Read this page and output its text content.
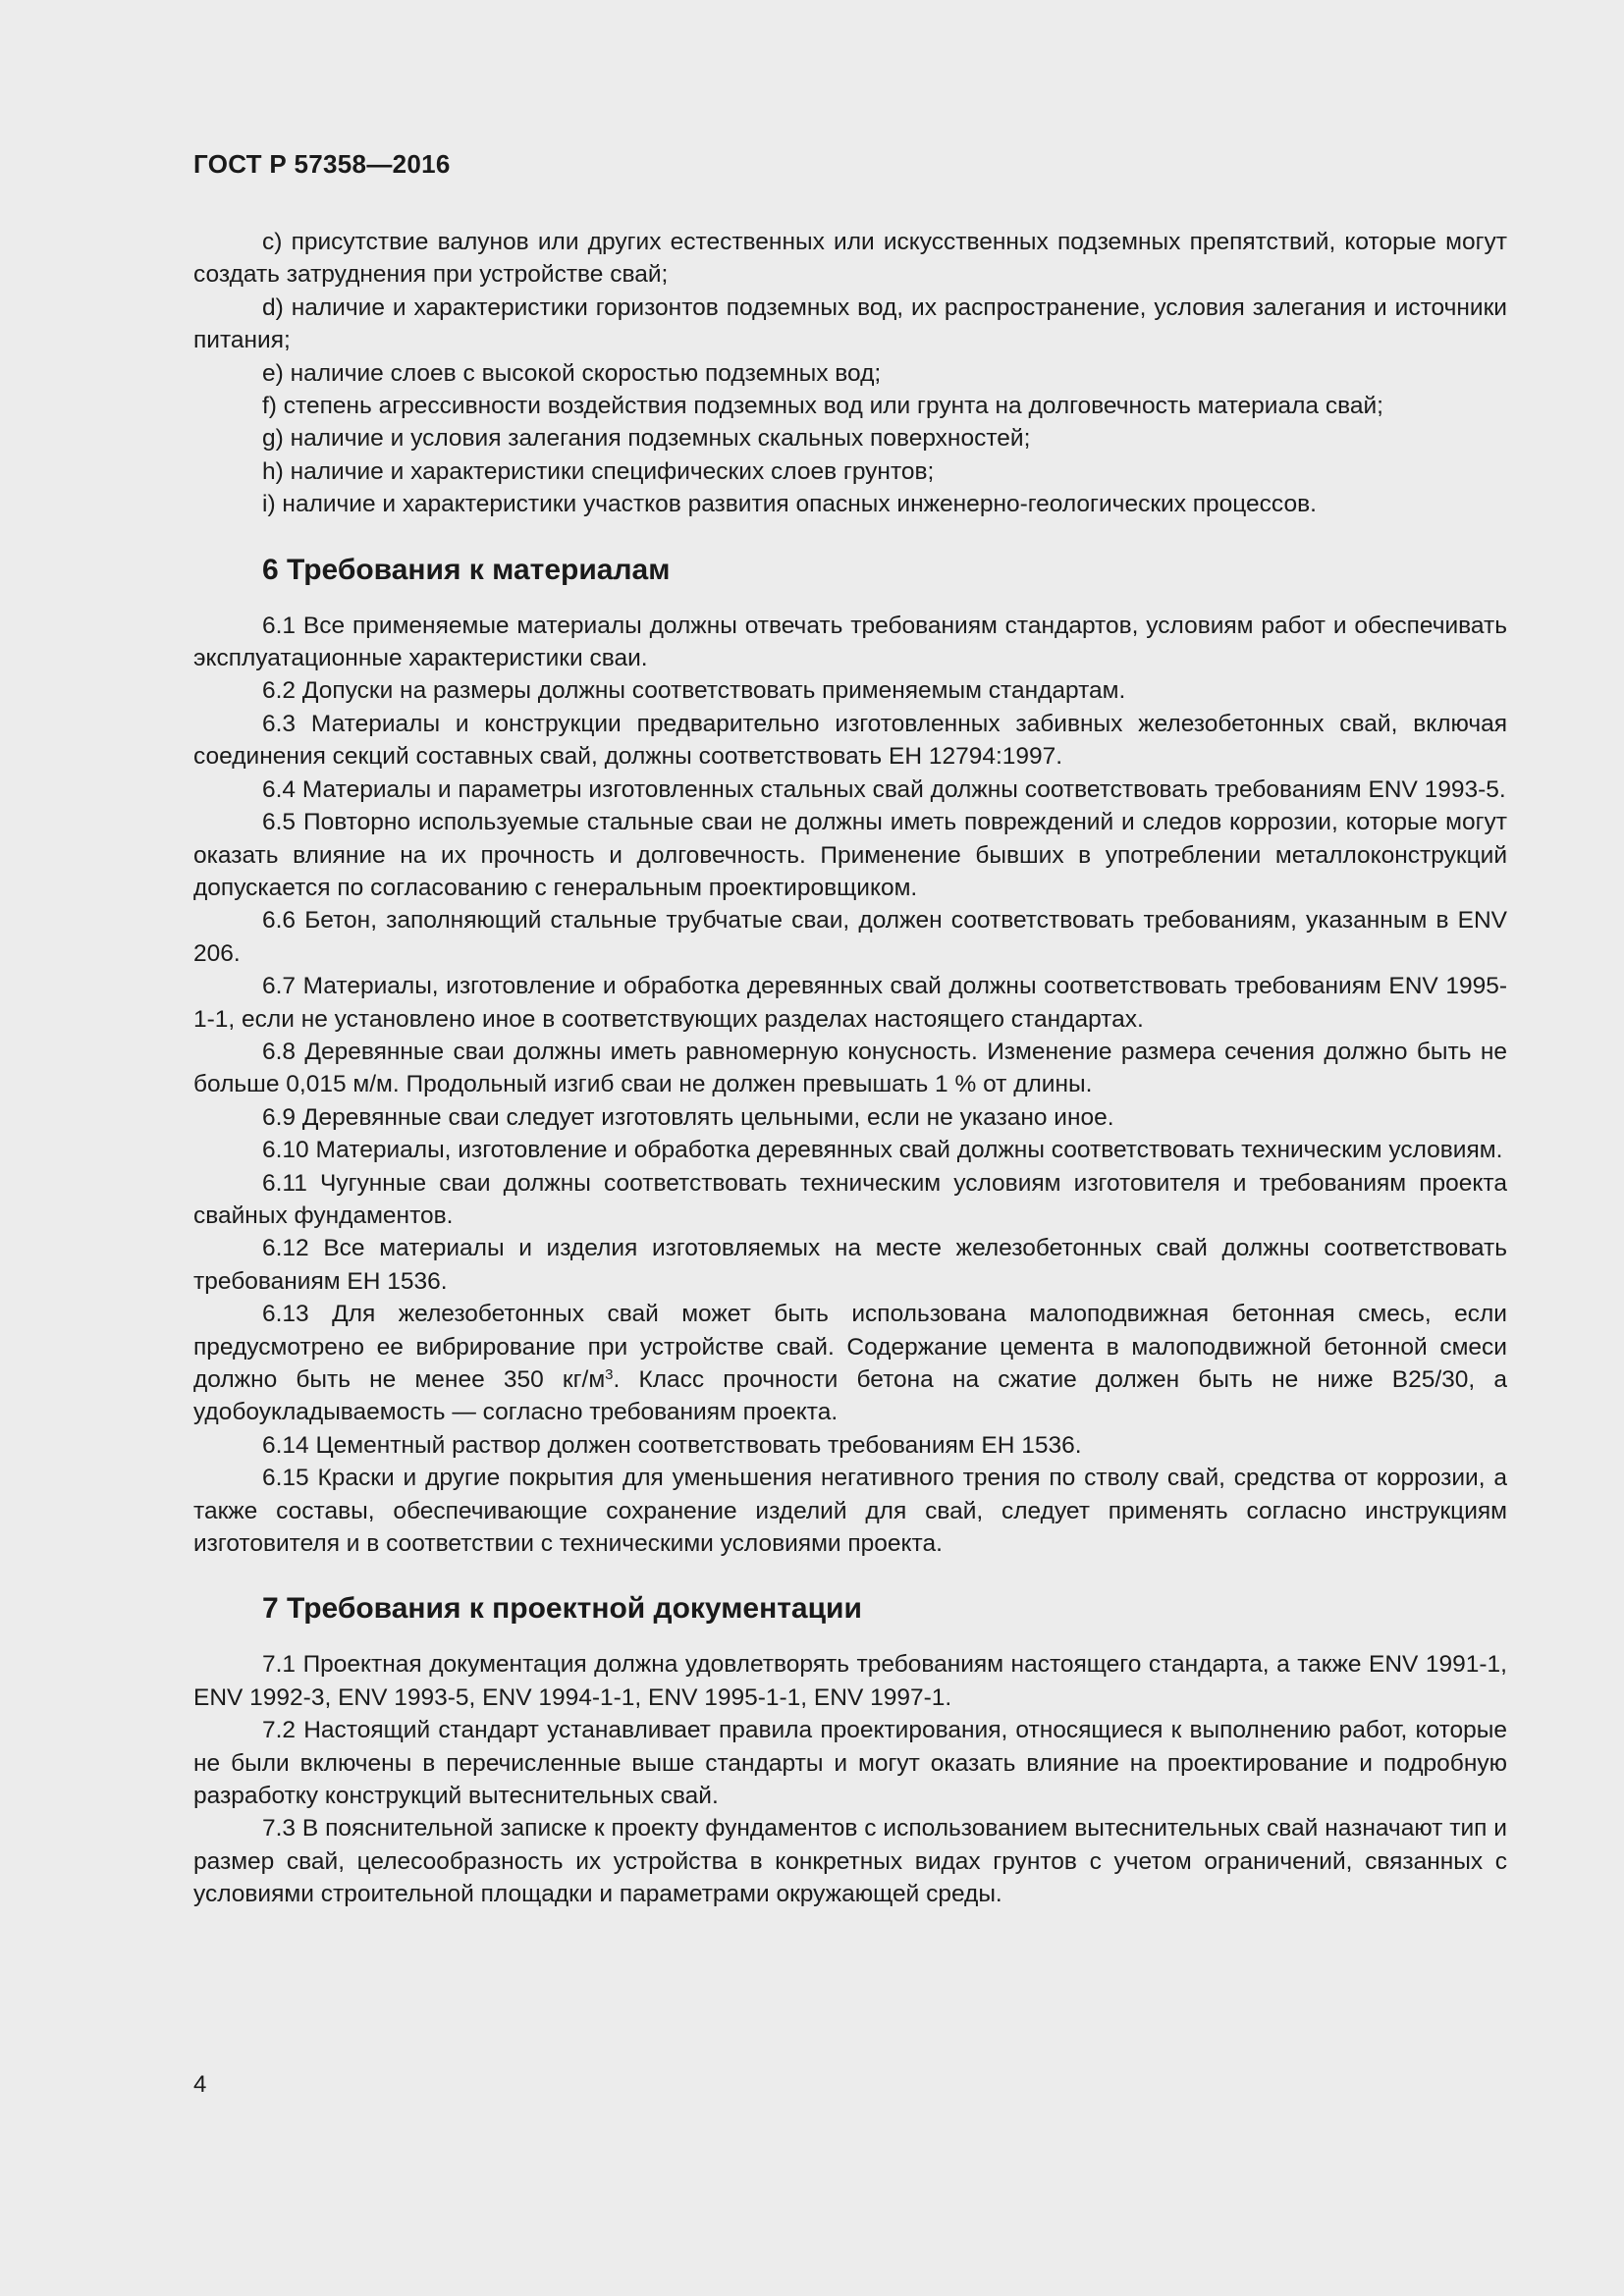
ГОСТ Р 57358—2016

c) присутствие валунов или других естественных или искусственных подземных препятствий, которые могут создать затруднения при устройстве свай;

d) наличие и характеристики горизонтов подземных вод, их распространение, условия залегания и источники питания;

e) наличие слоев с высокой скоростью подземных вод;

f) степень агрессивности воздействия подземных вод или грунта на долговечность материала свай;

g) наличие и условия залегания подземных скальных поверхностей;

h) наличие и характеристики специфических слоев грунтов;

i) наличие и характеристики участков развития опасных инженерно-геологических процессов.

6 Требования к материалам

6.1 Все применяемые материалы должны отвечать требованиям стандартов, условиям работ и обеспечивать эксплуатационные характеристики сваи.

6.2 Допуски на размеры должны соответствовать применяемым стандартам.

6.3 Материалы и конструкции предварительно изготовленных забивных железобетонных свай, включая соединения секций составных свай, должны соответствовать ЕН 12794:1997.

6.4 Материалы и параметры изготовленных стальных свай должны соответствовать требованиям ENV 1993-5.

6.5 Повторно используемые стальные сваи не должны иметь повреждений и следов коррозии, которые могут оказать влияние на их прочность и долговечность. Применение бывших в употреблении металлоконструкций допускается по согласованию с генеральным проектировщиком.

6.6 Бетон, заполняющий стальные трубчатые сваи, должен соответствовать требованиям, указанным в ENV 206.

6.7 Материалы, изготовление и обработка деревянных свай должны соответствовать требованиям ENV 1995-1-1, если не установлено иное в соответствующих разделах настоящего стандартах.

6.8 Деревянные сваи должны иметь равномерную конусность. Изменение размера сечения должно быть не больше 0,015 м/м. Продольный изгиб сваи не должен превышать 1 % от длины.

6.9 Деревянные сваи следует изготовлять цельными, если не указано иное.

6.10 Материалы, изготовление и обработка деревянных свай должны соответствовать техническим условиям.

6.11 Чугунные сваи должны соответствовать техническим условиям изготовителя и требованиям проекта свайных фундаментов.

6.12 Все материалы и изделия изготовляемых на месте железобетонных свай должны соответствовать требованиям ЕН 1536.

6.13 Для железобетонных свай может быть использована малоподвижная бетонная смесь, если предусмотрено ее вибрирование при устройстве свай. Содержание цемента в малоподвижной бетонной смеси должно быть не менее 350 $кг/м^3$. Класс прочности бетона на сжатие должен быть не ниже В25/30, а удобоукладываемость — согласно требованиям проекта.

6.14 Цементный раствор должен соответствовать требованиям ЕН 1536.

6.15 Краски и другие покрытия для уменьшения негативного трения по стволу свай, средства от коррозии, а также составы, обеспечивающие сохранение изделий для свай, следует применять согласно инструкциям изготовителя и в соответствии с техническими условиями проекта.

7 Требования к проектной документации

7.1 Проектная документация должна удовлетворять требованиям настоящего стандарта, а также ENV 1991-1, ENV 1992-3, ENV 1993-5, ENV 1994-1-1, ENV 1995-1-1, ENV 1997-1.

7.2 Настоящий стандарт устанавливает правила проектирования, относящиеся к выполнению работ, которые не были включены в перечисленные выше стандарты и могут оказать влияние на проектирование и подробную разработку конструкций вытеснительных свай.

7.3 В пояснительной записке к проекту фундаментов с использованием вытеснительных свай назначают тип и размер свай, целесообразность их устройства в конкретных видах грунтов с учетом ограничений, связанных с условиями строительной площадки и параметрами окружающей среды.

4
